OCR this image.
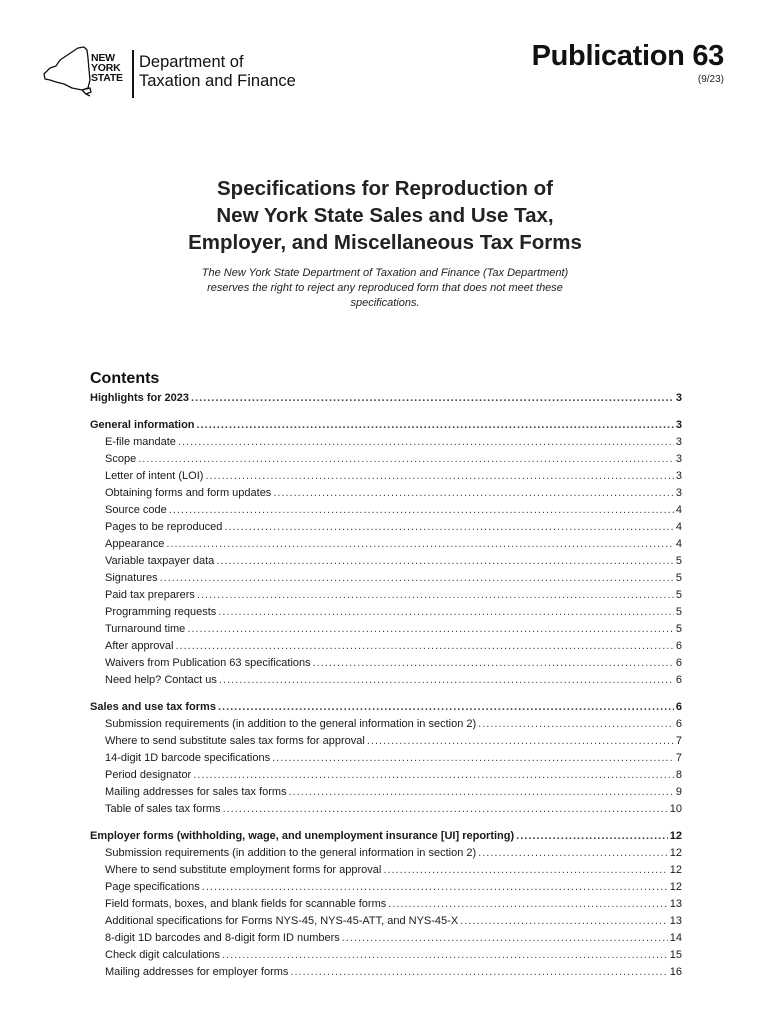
NEW
YORK
STATE
Department of
Taxation and Finance
Publication 63
(9/23)
Specifications for Reproduction of
New York State Sales and Use Tax,
Employer, and Miscellaneous Tax Forms
The New York State Department of Taxation and Finance (Tax Department)
reserves the right to reject any reproduced form that does not meet these
specifications.
Contents
Highlights for 2023 .....	3
General information .....	3
E-file mandate .....	3
Scope .....	3
Letter of intent (LOI) .....	3
Obtaining forms and form updates .....	3
Source code .....	4
Pages to be reproduced .....	4
Appearance .....	4
Variable taxpayer data .....	5
Signatures .....	5
Paid tax preparers .....	5
Programming requests .....	5
Turnaround time .....	5
After approval .....	6
Waivers from Publication 63 specifications .....	6
Need help? Contact us .....	6
Sales and use tax forms .....	6
Submission requirements (in addition to the general information in section 2) .....	6
Where to send substitute sales tax forms for approval .....	7
14-digit 1D barcode specifications .....	7
Period designator .....	8
Mailing addresses for sales tax forms .....	9
Table of sales tax forms .....	10
Employer forms (withholding, wage, and unemployment insurance [UI] reporting) .....	12
Submission requirements (in addition to the general information in section 2) .....	12
Where to send substitute employment forms for approval .....	12
Page specifications .....	12
Field formats, boxes, and blank fields for scannable forms .....	13
Additional specifications for Forms NYS-45, NYS-45-ATT, and NYS-45-X .....	13
8-digit 1D barcodes and 8-digit form ID numbers .....	14
Check digit calculations .....	15
Mailing addresses for employer forms .....	16
